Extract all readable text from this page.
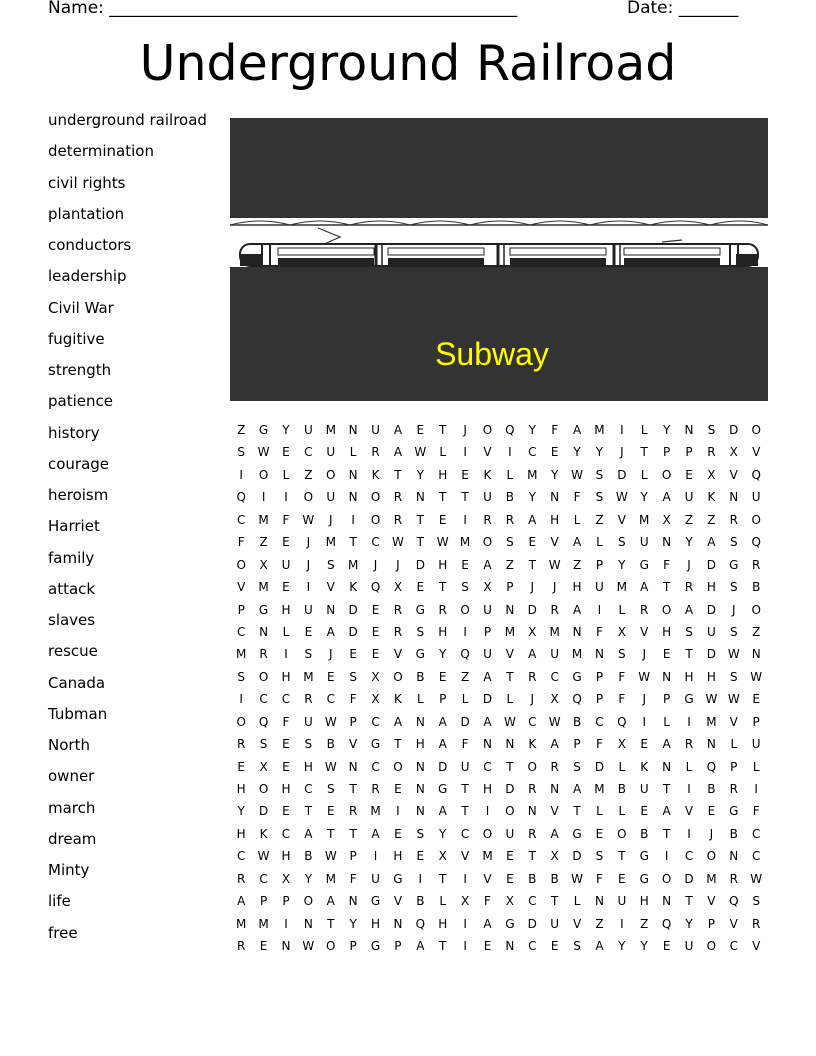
Name: ________________________________________________	Date: _______
Underground Railroad
underground railroad
determination
civil rights
plantation
conductors
leadership
Civil War
fugitive
strength
patience
history
courage
heroism
Harriet
family
attack
slaves
rescue
Canada
Tubman
North
owner
march
dream
Minty
life
free
Subway
Z	G	Y	U	M	N	U	A	E	T	J	O	Q	Y	F	A	M	I	L	Y	N	S	D	O
S	W	E	C	U	L	R	A	W	L	I	V	I	C	E	Y	Y	J	T	P	P	R	X	V
I	O	L	Z	O	N	K	T	Y	H	E	K	L	M	Y	W	S	D	L	O	E	X	V	Q
Q	I	I	O	U	N	O	R	N	T	T	U	B	Y	N	F	S	W	Y	A	U	K	N	U
C	M	F	W	J	I	O	R	T	E	I	R	R	A	H	L	Z	V	M	X	Z	Z	R	O
F	Z	E	J	M	T	C	W	T	W M	O	S	E	V	A	L	S	U	N	Y	A	S	Q
O	X	U	J	S	M	J	J	D	H	E	A	Z	T	W	Z	P	Y	G	F	J	D	G	R
V	M	E	I	V	K	Q	X	E	T	S	X	P	J	J	H	U	M	A	T	R	H	S	B
P	G	H	U	N	D	E	R	G	R	O	U	N	D	R	A	I	L	R	O	A	D	J	O
C	N	L	E	A	D	E	R	S	H	I	P	M	X	M	N	F	X	V	H	S	U	S	Z
M	R	I	S	J	E	E	V	G	Y	Q	U	V	A	U	M	N	S	J	E	T	D W N
S	O	H	M	E	S	X	O	B	E	Z	A	T	R	C	G	P	F	W N	H	H	S	W
I	C	C	R	C	F	X	K	L	P	L	D	L	J	X	Q	P	F	J	P	G W W	E
O	Q	F	U	W	P	C	A	N	A	D	A	W	C	W	B	C	Q	I	L	I	M	V	P
R	S	E	S	B	V	G	T	H	A	F	N	N	K	A	P	F	X	E	A	R	N	L	U
E	X	E	H W N	C	O	N	D	U	C	T	O	R	S	D	L	K	N	L	Q	P	L
H	O	H	C	S	T	R	E	N	G	T	H	D	R	N	A	M	B	U	T	I	B	R	I
Y	D	E	T	E	R	M	I	N	A	T	I	O	N	V	T	L	L	E	A	V	E	G	F
H	K	C	A	T	T	A	E	S	Y	C	O	U	R	A	G	E	O	B	T	I	J	B	C
C	W H	B	W	P	I	H	E	X	V	M	E	T	X	D	S	T	G	I	C	O	N	C
R	C	X	Y	M	F	U	G	I	T	I	V	E	B	B	W	F	E	G	O	D	M	R	W
A	P	P	O	A	N	G	V	B	L	X	F	X	C	T	L	N	U	H	N	T	V	Q	S
M	M	I	N	T	Y	H	N	Q	H	I	A	G	D	U	V	Z	I	Z	Q	Y	P	V	R
R	E	N W O	P	G	P	A	T	I	E	N	C	E	S	A	Y	Y	E	U	O	C	V
